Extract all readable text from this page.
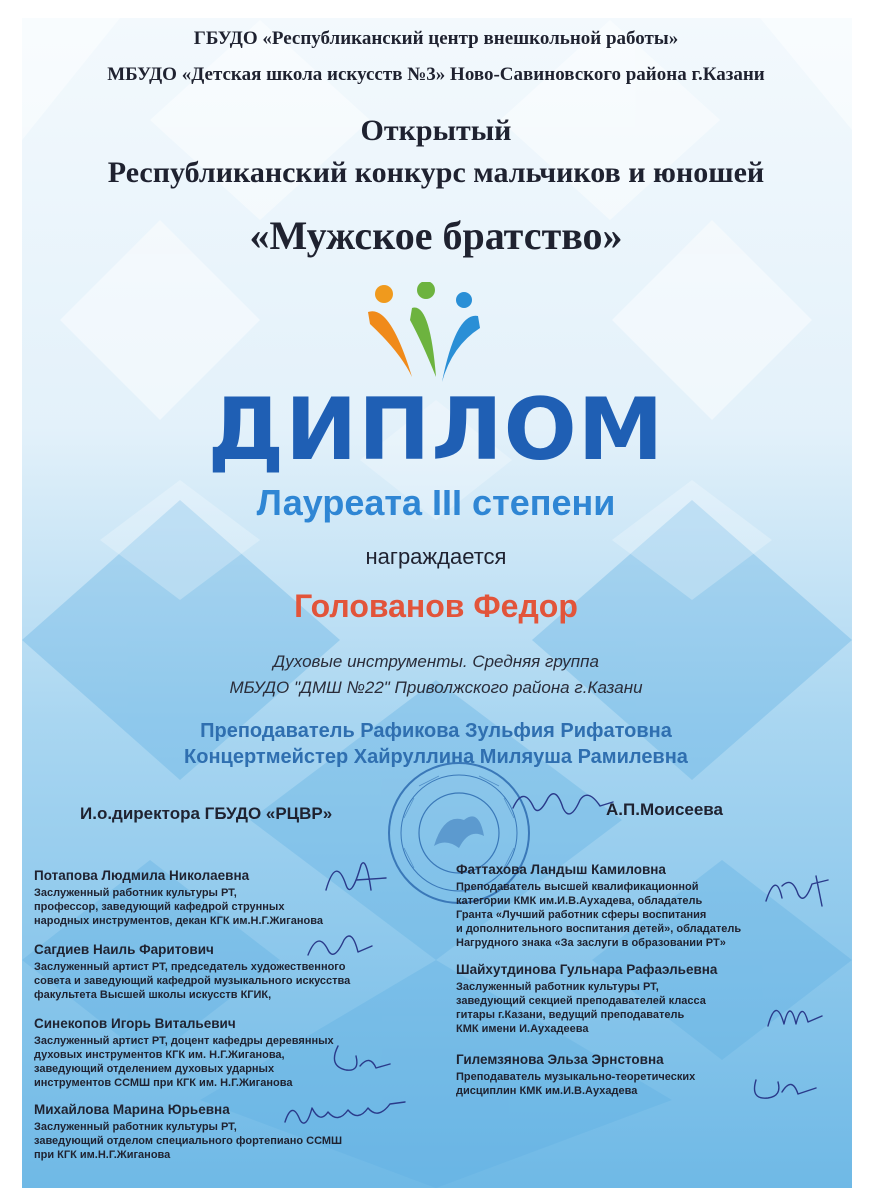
ГБУДО «Республиканский центр внешкольной работы»
МБУДО «Детская школа искусств №3» Ново-Савиновского района г.Казани
Открытый
Республиканский конкурс мальчиков и юношей
«Мужское братство»
ДИПЛОМ
Лауреата III степени
награждается
Голованов Федор
Духовые инструменты. Средняя группа
МБУДО "ДМШ №22" Приволжского района г.Казани
Преподаватель Рафикова Зульфия Рифатовна
Концертмейстер Хайруллина Миляуша Рамилевна
И.о.директора ГБУДО «РЦВР»	А.П.Моисеева
Потапова Людмила Николаевна
Заслуженный работник культуры РТ,
профессор, заведующий кафедрой струнных
народных инструментов, декан КГК им.Н.Г.Жиганова
Сагдиев Наиль Фаритович
Заслуженный артист РТ, председатель художественного
совета и заведующий кафедрой музыкального искусства
факультета Высшей школы искусств КГИК,
Синекопов Игорь Витальевич
Заслуженный артист РТ, доцент кафедры деревянных
духовых инструментов КГК им. Н.Г.Жиганова,
заведующий отделением духовых ударных
инструментов ССМШ при КГК им. Н.Г.Жиганова
Михайлова Марина Юрьевна
Заслуженный работник культуры РТ,
заведующий отделом специального фортепиано ССМШ
при КГК им.Н.Г.Жиганова
Фаттахова Ландыш Камиловна
Преподаватель высшей квалификационной
категории КМК им.И.В.Аухадева, обладатель
Гранта «Лучший работник сферы воспитания
и дополнительного воспитания детей», обладатель
Нагрудного знака «За заслуги в образовании РТ»
Шайхутдинова Гульнара Рафаэльевна
Заслуженный работник культуры РТ,
заведующий секцией преподавателей класса
гитары г.Казани, ведущий преподаватель
КМК имени И.Аухадеева
Гилемзянова Эльза Эрнстовна
Преподаватель музыкально-теоретических
дисциплин КМК им.И.В.Аухадева
